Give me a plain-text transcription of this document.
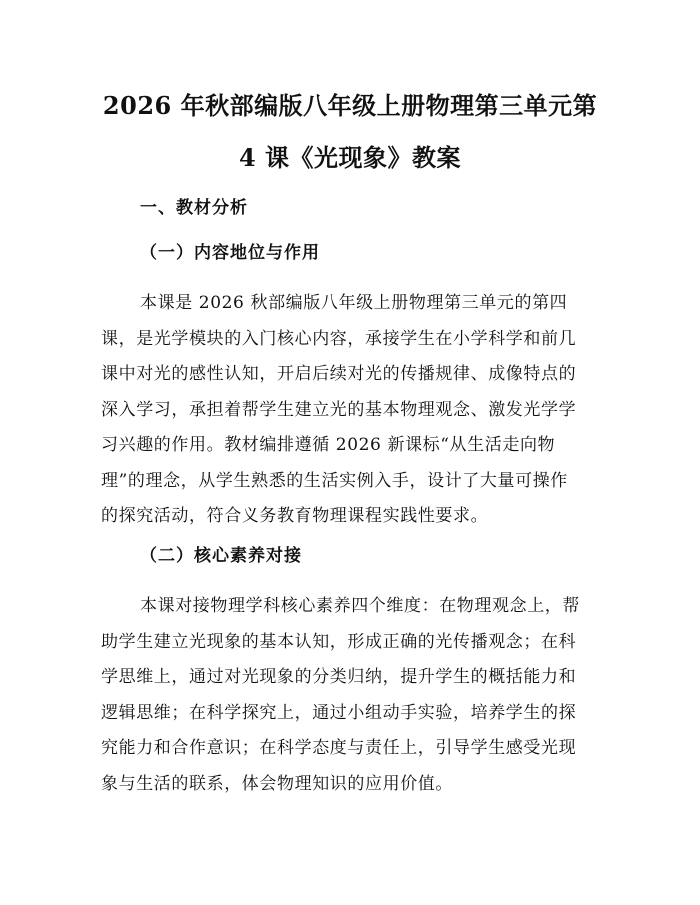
2026 年秋部编版八年级上册物理第三单元第
4 课《光现象》教案
一、教材分析
（一）内容地位与作用
本课是 2026 秋部编版八年级上册物理第三单元的第四
课，是光学模块的入门核心内容，承接学生在小学科学和前几
课中对光的感性认知，开启后续对光的传播规律、成像特点的
深入学习，承担着帮学生建立光的基本物理观念、激发光学学
习兴趣的作用。教材编排遵循 2026 新课标“从生活走向物
理”的理念，从学生熟悉的生活实例入手，设计了大量可操作
的探究活动，符合义务教育物理课程实践性要求。
（二）核心素养对接
本课对接物理学科核心素养四个维度：在物理观念上，帮
助学生建立光现象的基本认知，形成正确的光传播观念；在科
学思维上，通过对光现象的分类归纳，提升学生的概括能力和
逻辑思维；在科学探究上，通过小组动手实验，培养学生的探
究能力和合作意识；在科学态度与责任上，引导学生感受光现
象与生活的联系，体会物理知识的应用价值。
